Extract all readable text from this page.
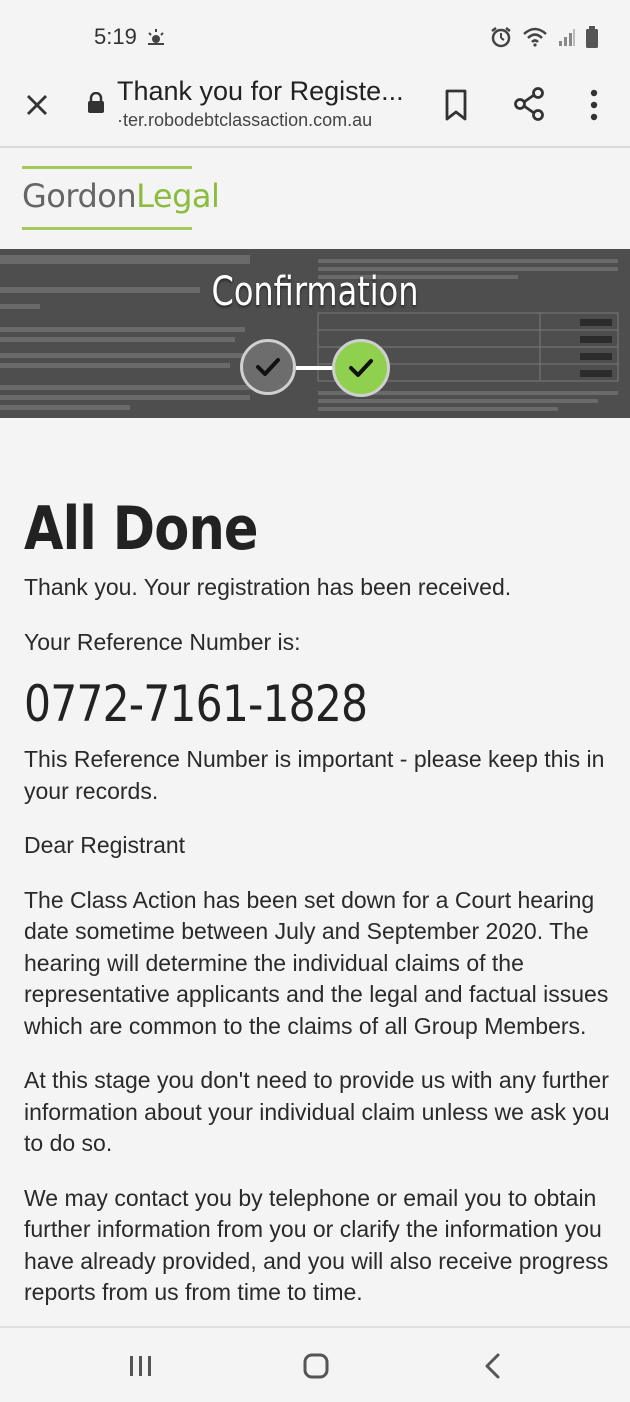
5:19
Thank you for Registe...
·ter.robodebtclassaction.com.au
GordonLegal
Confirmation
All Done

Thank you. Your registration has been received.

Your Reference Number is:

0772-7161-1828

This Reference Number is important - please keep this in your records.

Dear Registrant

The Class Action has been set down for a Court hearing date sometime between July and September 2020. The hearing will determine the individual claims of the representative applicants and the legal and factual issues which are common to the claims of all Group Members.

At this stage you don't need to provide us with any further information about your individual claim unless we ask you to do so.

We may contact you by telephone or email you to obtain further information from you or clarify the information you have already provided, and you will also receive progress reports from us from time to time.
